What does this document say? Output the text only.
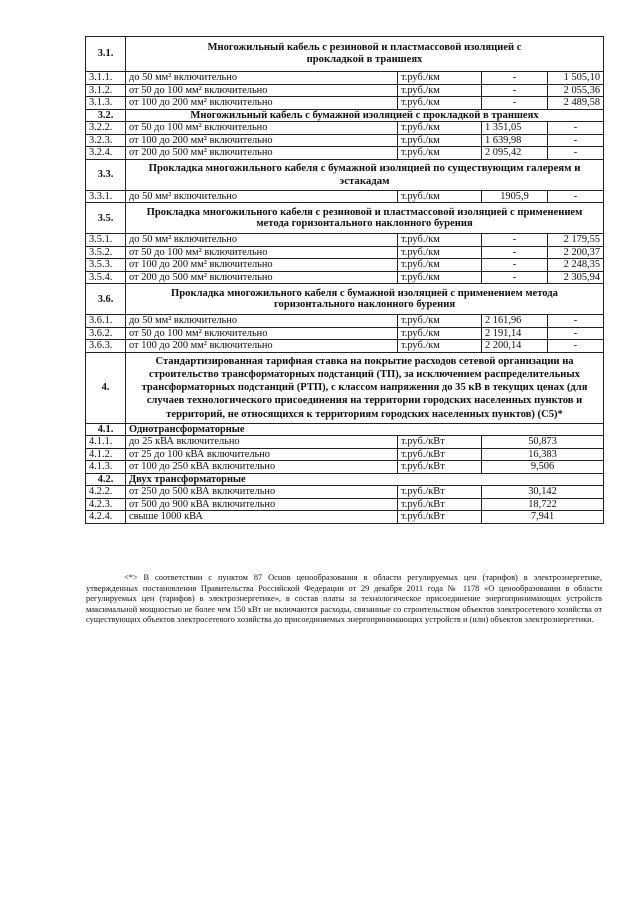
3.1.	Многожильный кабель с резиновой и пластмассовой изоляцией с прокладкой в траншеях			
3.1.1.	до 50 мм² включительно	т.руб./км	-	1 505,10
3.1.2.	от 50 до 100 мм² включительно	т.руб./км	-	2 055,36
3.1.3.	от 100 до 200 мм² включительно	т.руб./км	-	2 489,58
3.2.	Многожильный кабель с бумажной изоляцией с прокладкой в траншеях			
3.2.2.	от 50 до 100 мм² включительно	т.руб./км	1 351,05	-
3.2.3.	от 100 до 200 мм² включительно	т.руб./км	1 639,98	-
3.2.4.	от 200 до 500 мм² включительно	т.руб./км	2 095,42	-
3.3.	Прокладка многожильного кабеля с бумажной изоляцией по существующим галереям и эстакадам			
3.3.1.	до 50 мм² включительно	т.руб./км	1905,9	-
3.5.	Прокладка многожильного кабеля с резиновой и пластмассовой изоляцией с применением метода горизонтального наклонного бурения			
3.5.1.	до 50 мм² включительно	т.руб./км	-	2 179,55
3.5.2.	от 50 до 100 мм² включительно	т.руб./км	-	2 200,37
3.5.3.	от 100 до 200 мм² включительно	т.руб./км	-	2 248,35
3.5.4.	от 200 до 500 мм² включительно	т.руб./км	-	2 305,94
3.6.	Прокладка многожильного кабеля с бумажной изоляцией с применением метода горизонтального наклонного бурения			
3.6.1.	до 50 мм² включительно	т.руб./км	2 161,96	-
3.6.2.	от 50 до 100 мм² включительно	т.руб./км	2 191,14	-
3.6.3.	от 100 до 200 мм² включительно	т.руб./км	2 200,14	-
4.	Стандартизированная тарифная ставка на покрытие расходов сетевой организации на строительство трансформаторных подстанций (ТП), за исключением распределительных трансформаторных подстанций (РТП), с классом напряжения до 35 кВ в текущих ценах (для случаев технологического присоединения на территории городских населенных пунктов и территорий, не относящихся к территориям городских населенных пунктов) (С5)*			
4.1.	Однотрансформаторные			
4.1.1.	до 25 кВА включительно	т.руб./кВт	50,873	
4.1.2.	от 25 до 100 кВА включительно	т.руб./кВт	16,383	
4.1.3.	от 100 до 250 кВА включительно	т.руб./кВт	9,506	
4.2.	Двух трансформаторные			
4.2.2.	от 250 до 500 кВА включительно	т.руб./кВт	30,142	
4.2.3.	от 500 до 900 кВА включительно	т.руб./кВт	18,722	
4.2.4.	свыше 1000 кВА	т.руб./кВт	7,941	
<*> В соответствии с пунктом 87 Основ ценообразования в области регулируемых цен (тарифов) в электроэнергетике, утвержденных постановления Правительства Российской Федерации от 29 декабря 2011 года № 1178 «О ценообразовании в области регулируемых цен (тарифов) в электроэнергетике», в состав платы за технологическое присоединение энергопринимающих устройств максимальной мощностью не более чем 150 кВт не включаются расходы, связанные со строительством объектов электросетевого хозяйства от существующих объектов электросетевого хозяйства до присоединяемых энергопринимающих устройств и (или) объектов электроэнергетики.
